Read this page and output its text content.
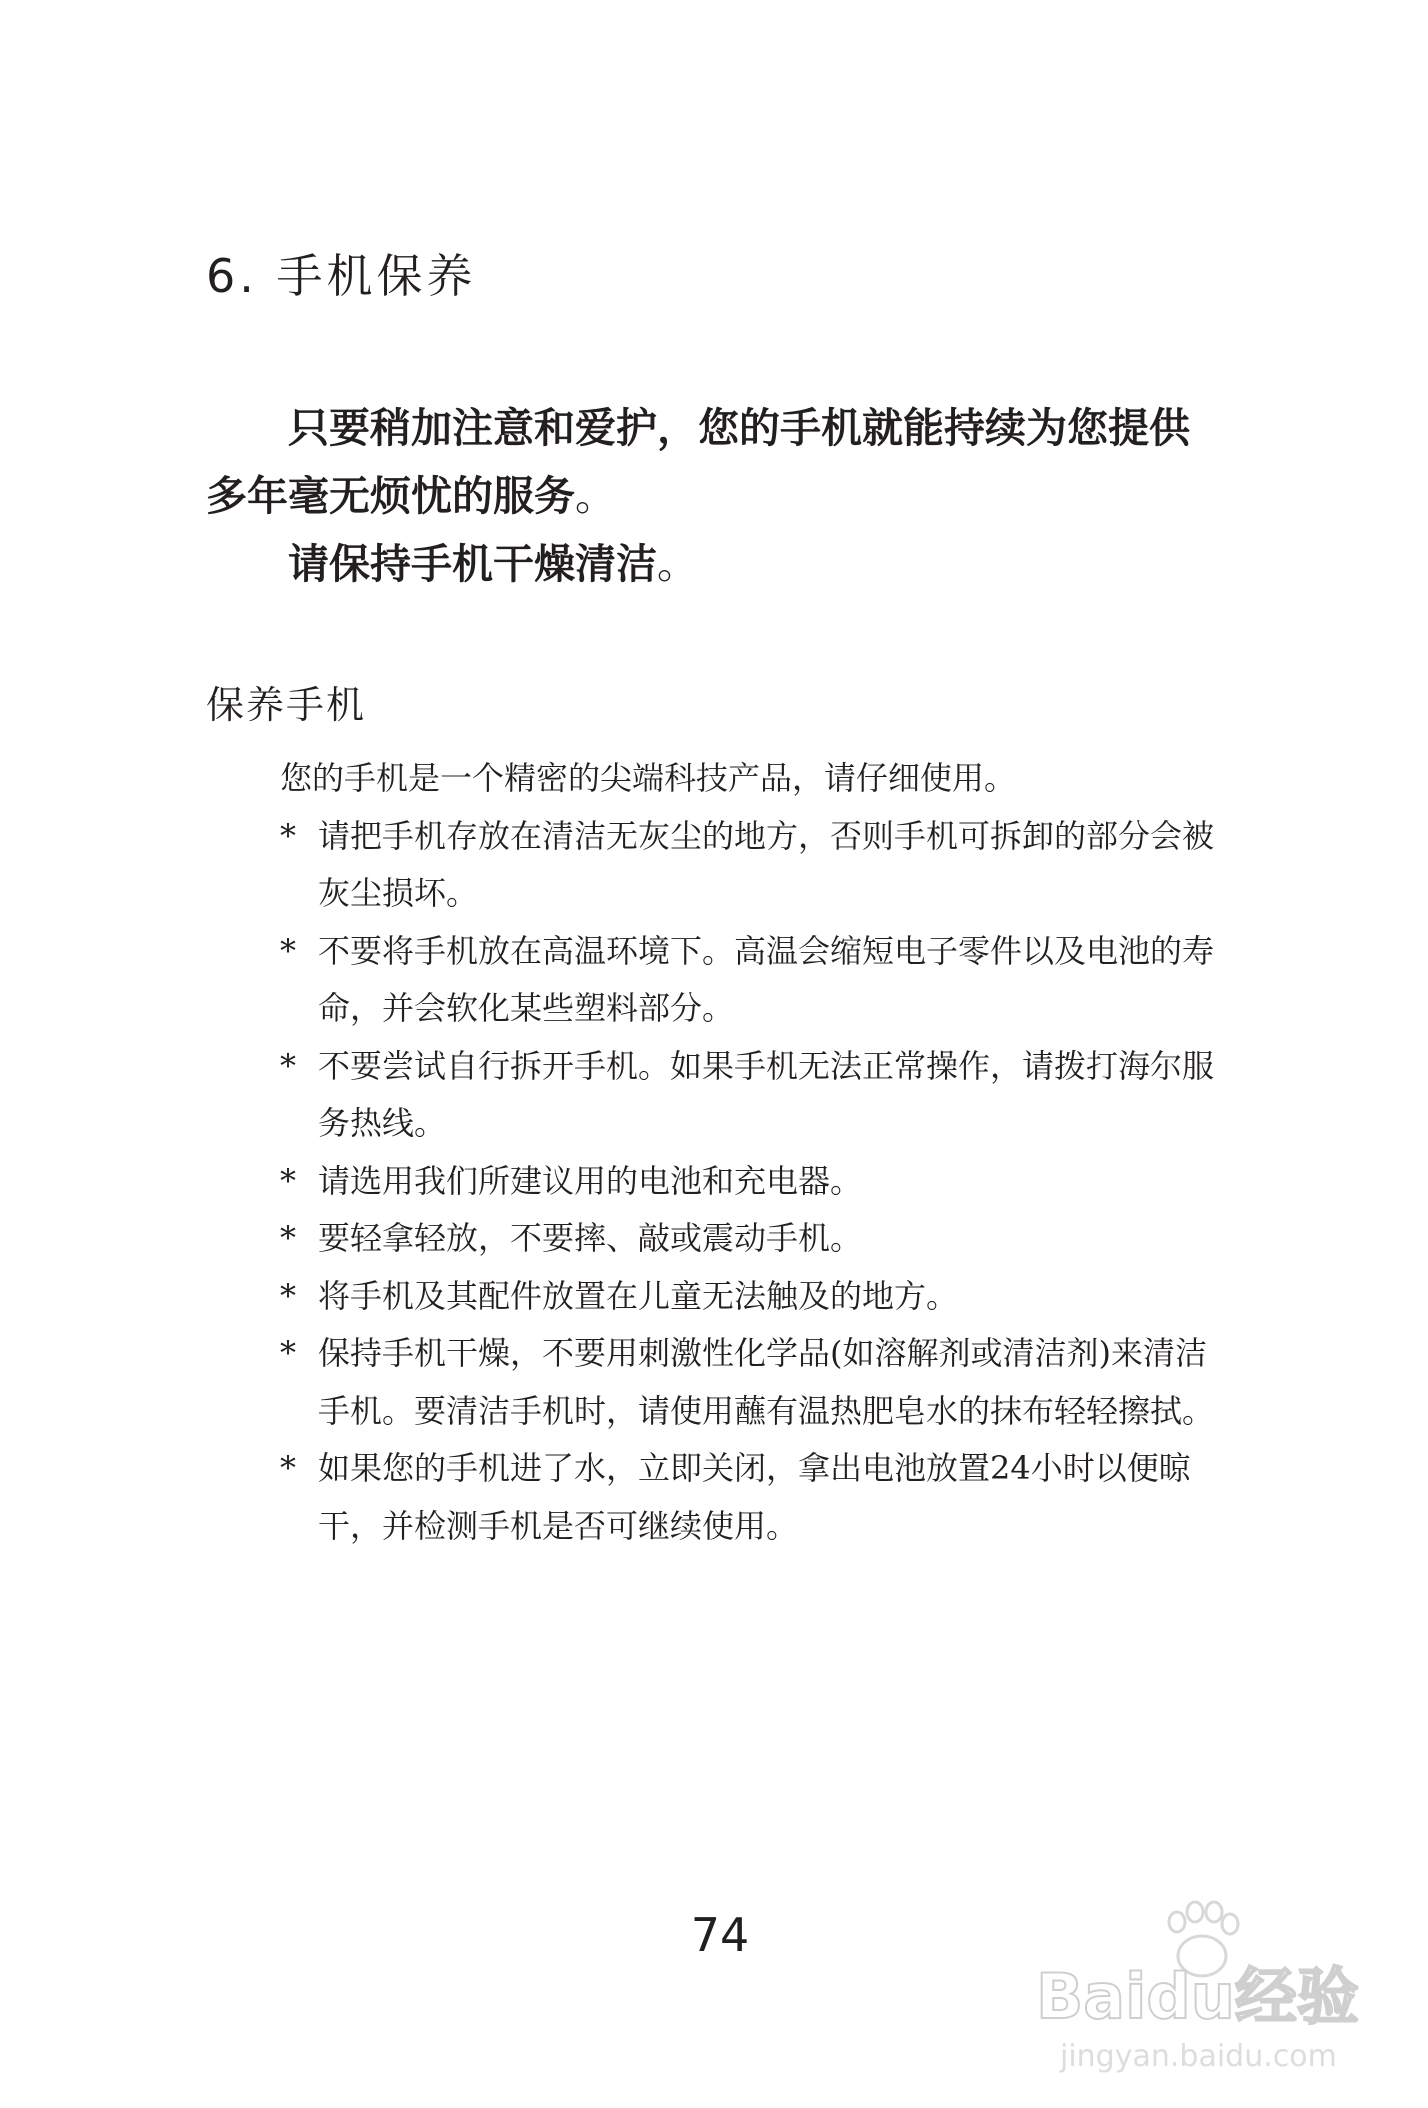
6. 手机保养

只要稍加注意和爱护，您的手机就能持续为您提供多年毫无烦忧的服务。

请保持手机干燥清洁。

保养手机

您的手机是一个精密的尖端科技产品，请仔细使用。

* 请把手机存放在清洁无灰尘的地方，否则手机可拆卸的部分会被灰尘损坏。
* 不要将手机放在高温环境下。高温会缩短电子零件以及电池的寿命，并会软化某些塑料部分。
* 不要尝试自行拆开手机。如果手机无法正常操作，请拨打海尔服务热线。
* 请选用我们所建议用的电池和充电器。
* 要轻拿轻放，不要摔、敲或震动手机。
* 将手机及其配件放置在儿童无法触及的地方。
* 保持手机干燥，不要用刺激性化学品(如溶解剂或清洁剂)来清洁手机。要清洁手机时，请使用蘸有温热肥皂水的抹布轻轻擦拭。
* 如果您的手机进了水，立即关闭，拿出电池放置24小时以便晾干，并检测手机是否可继续使用。
74
Baidu经验
jingyan.baidu.com
